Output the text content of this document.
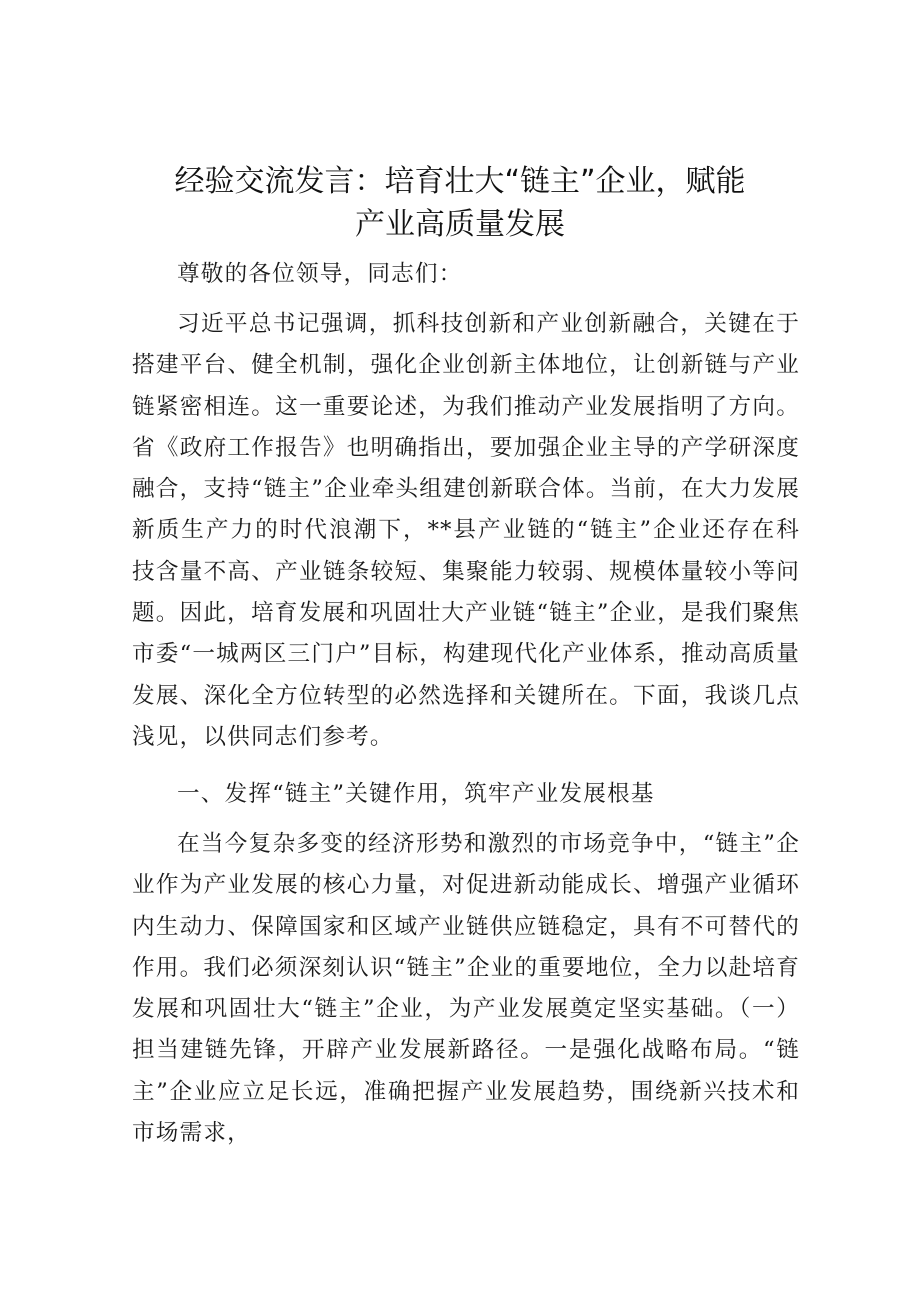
经验交流发言：培育壮大“链主”企业，赋能
产业高质量发展

尊敬的各位领导，同志们：

习近平总书记强调，抓科技创新和产业创新融合，关键在于搭建平台、健全机制，强化企业创新主体地位，让创新链与产业链紧密相连。这一重要论述，为我们推动产业发展指明了方向。省《政府工作报告》也明确指出，要加强企业主导的产学研深度融合，支持“链主”企业牵头组建创新联合体。当前，在大力发展新质生产力的时代浪潮下，**县产业链的“链主”企业还存在科技含量不高、产业链条较短、集聚能力较弱、规模体量较小等问题。因此，培育发展和巩固壮大产业链“链主”企业，是我们聚焦市委“一城两区三门户”目标，构建现代化产业体系，推动高质量发展、深化全方位转型的必然选择和关键所在。下面，我谈几点浅见，以供同志们参考。

一、发挥“链主”关键作用，筑牢产业发展根基

在当今复杂多变的经济形势和激烈的市场竞争中，“链主”企业作为产业发展的核心力量，对促进新动能成长、增强产业循环内生动力、保障国家和区域产业链供应链稳定，具有不可替代的作用。我们必须深刻认识“链主”企业的重要地位，全力以赴培育发展和巩固壮大“链主”企业，为产业发展奠定坚实基础。（一）担当建链先锋，开辟产业发展新路径。一是强化战略布局。“链主”企业应立足长远，准确把握产业发展趋势，围绕新兴技术和市场需求，
